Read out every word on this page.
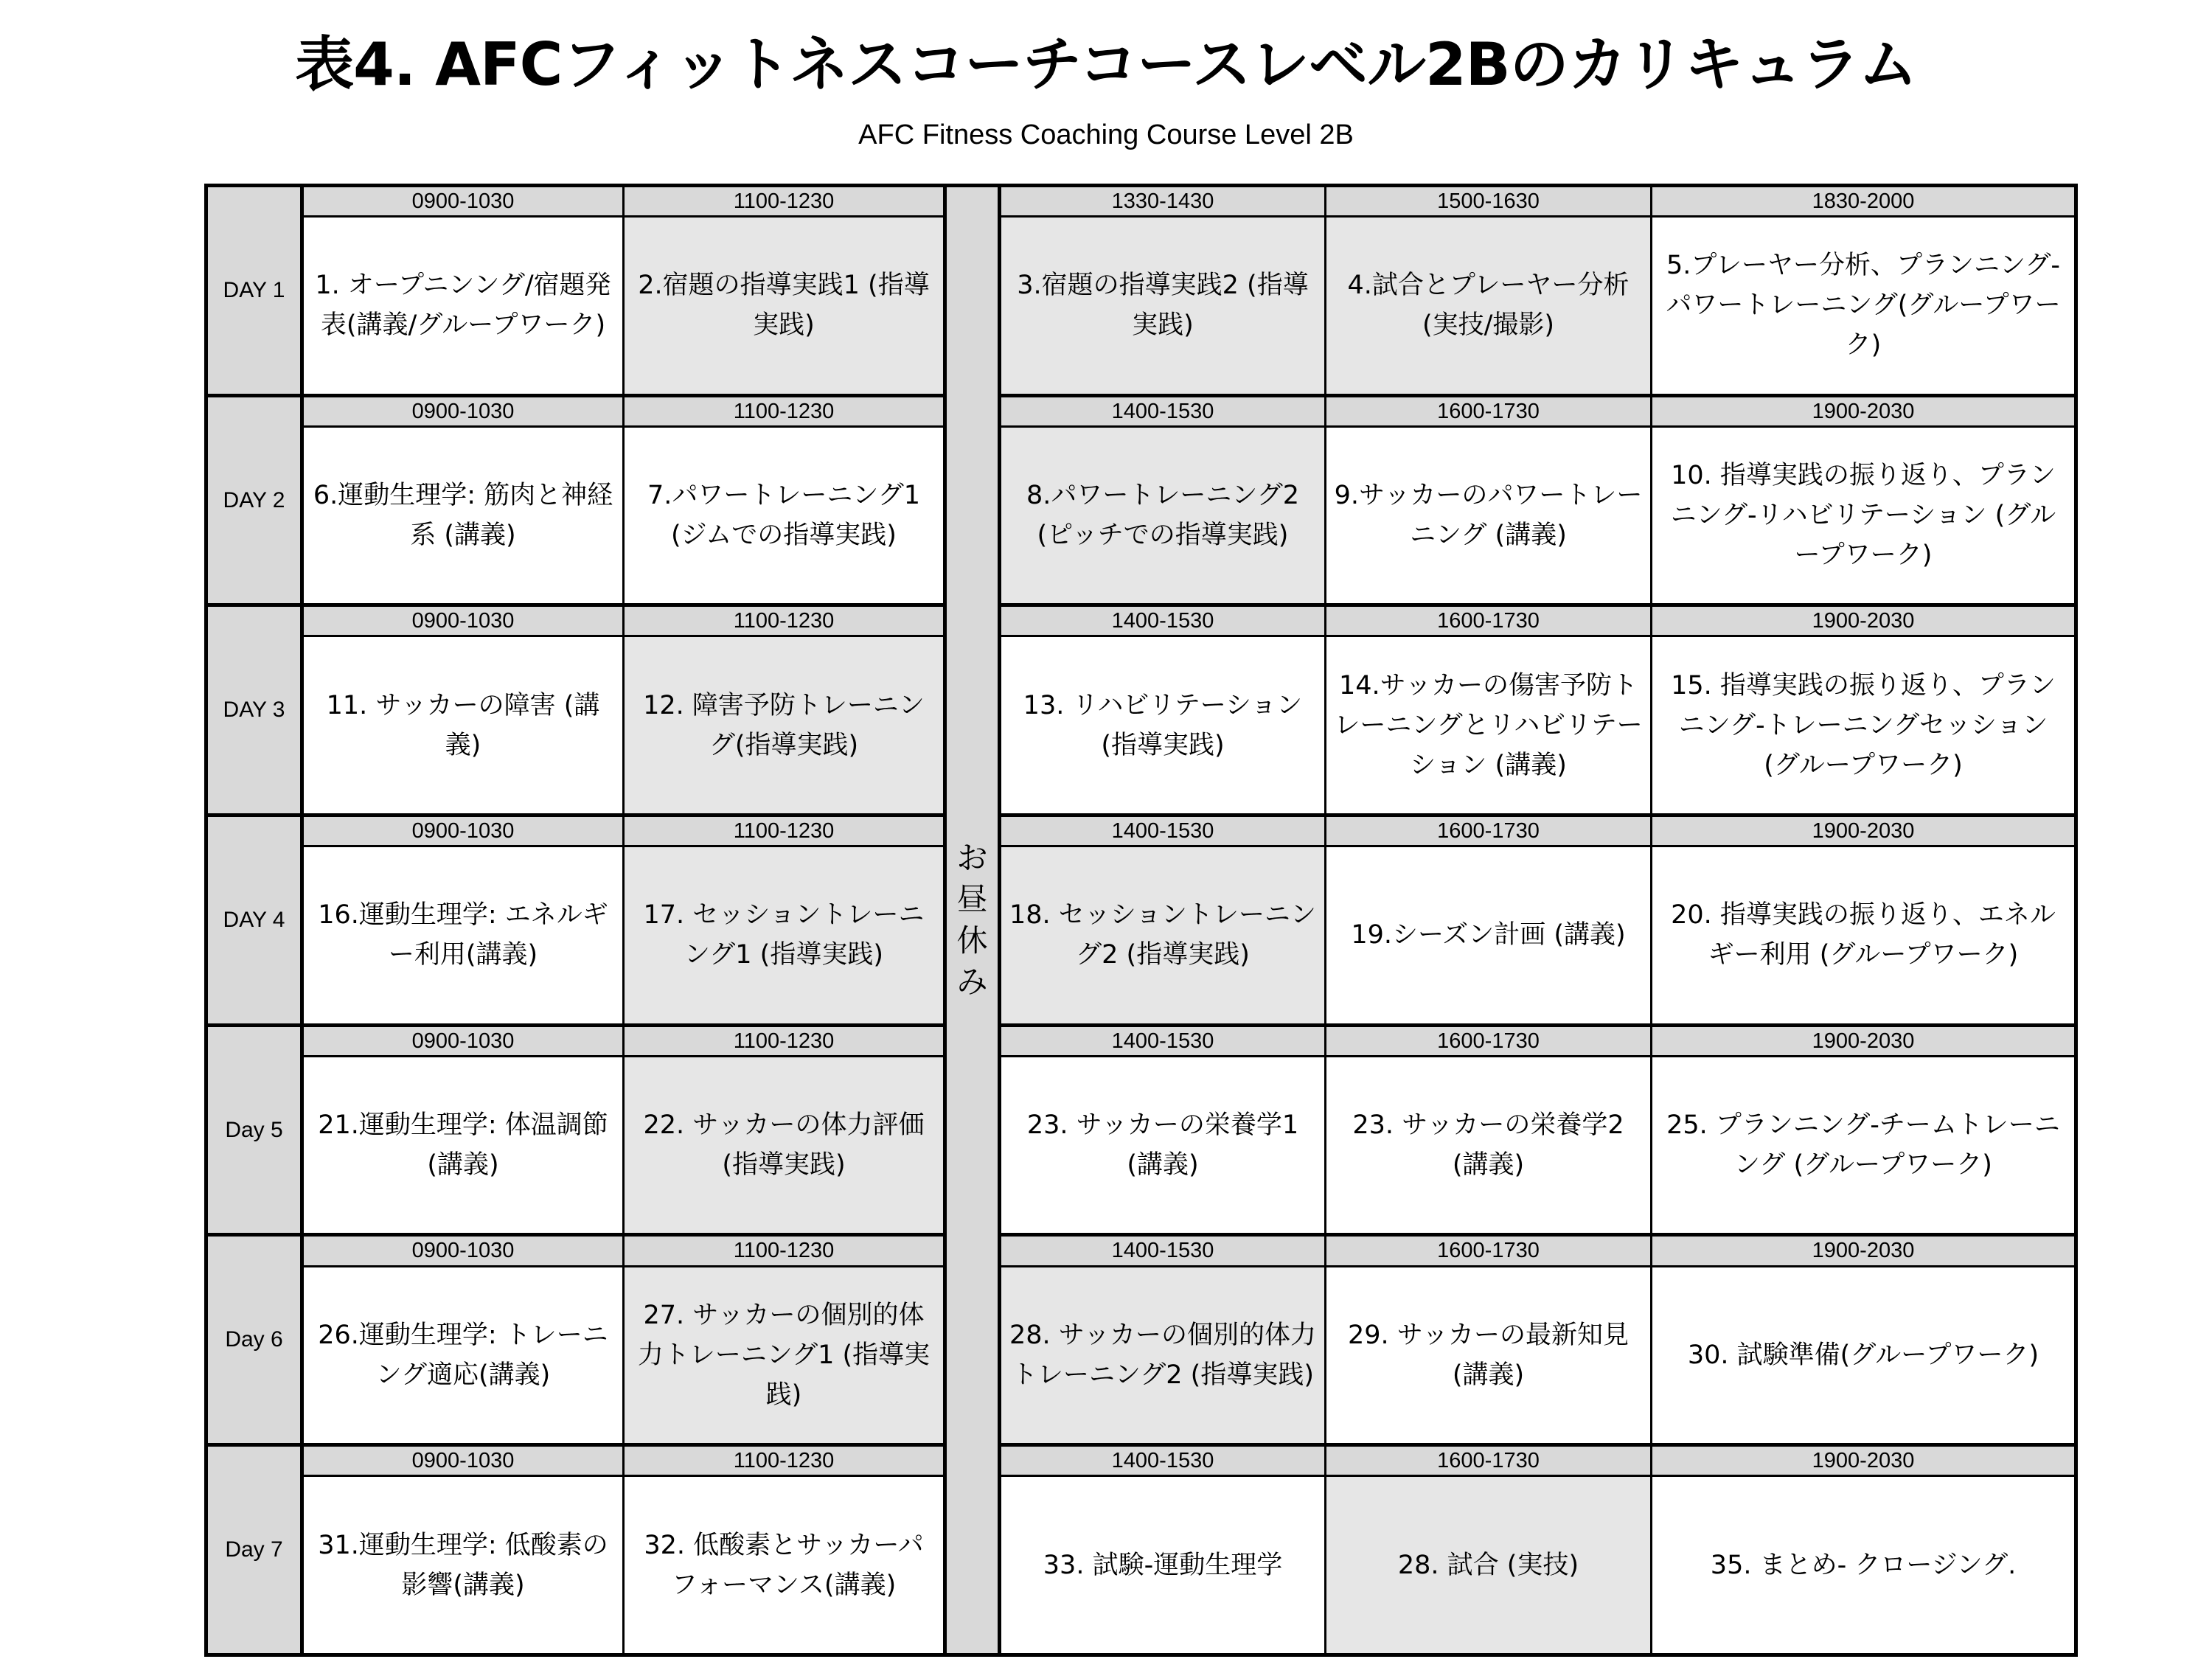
表4. AFCフィットネスコーチコースレベル2Bのカリキュラム
AFC Fitness Coaching Course Level 2B
DAY 1	0900-1030	1100-1230	お昼休み	1330-1430	1500-1630	1830-2000
	1. オープニンング/宿題発表(講義/グループワーク)	2.宿題の指導実践1 (指導実践)		3.宿題の指導実践2 (指導実践)	4.試合とプレーヤー分析(実技/撮影)	5.プレーヤー分析、プランニング-パワートレーニング(グループワーク)
DAY 2	0900-1030	1100-1230		1400-1530	1600-1730	1900-2030
	6.運動生理学: 筋肉と神経系 (講義)	7.パワートレーニング1 (ジムでの指導実践)		8.パワートレーニング2 (ピッチでの指導実践)	9.サッカーのパワートレーニング (講義)	10. 指導実践の振り返り、プランニング-リハビリテーション (グループワーク)
DAY 3	0900-1030	1100-1230		1400-1530	1600-1730	1900-2030
	11. サッカーの障害 (講義)	12. 障害予防トレーニング(指導実践)		13. リハビリテーション (指導実践)	14.サッカーの傷害予防トレーニングとリハビリテーション (講義)	15. 指導実践の振り返り、プランニング-トレーニングセッション (グループワーク)
DAY 4	0900-1030	1100-1230		1400-1530	1600-1730	1900-2030
	16.運動生理学: エネルギー利用(講義)	17. セッショントレーニング1 (指導実践)		18. セッショントレーニング2 (指導実践)	19.シーズン計画 (講義)	20. 指導実践の振り返り、エネルギー利用 (グループワーク)
Day 5	0900-1030	1100-1230		1400-1530	1600-1730	1900-2030
	21.運動生理学: 体温調節(講義)	22. サッカーの体力評価(指導実践)		23. サッカーの栄養学1 (講義)	23. サッカーの栄養学2 (講義)	25. プランニング-チームトレーニング (グループワーク)
Day 6	0900-1030	1100-1230		1400-1530	1600-1730	1900-2030
	26.運動生理学: トレーニング適応(講義)	27. サッカーの個別的体力トレーニング1 (指導実践)		28. サッカーの個別的体力トレーニング2 (指導実践)	29. サッカーの最新知見 (講義)	30. 試験準備(グループワーク)
Day 7	0900-1030	1100-1230		1400-1530	1600-1730	1900-2030
	31.運動生理学: 低酸素の影響(講義)	32. 低酸素とサッカーパフォーマンス(講義)		33. 試験-運動生理学	28. 試合 (実技)	35. まとめ- クロージング.
